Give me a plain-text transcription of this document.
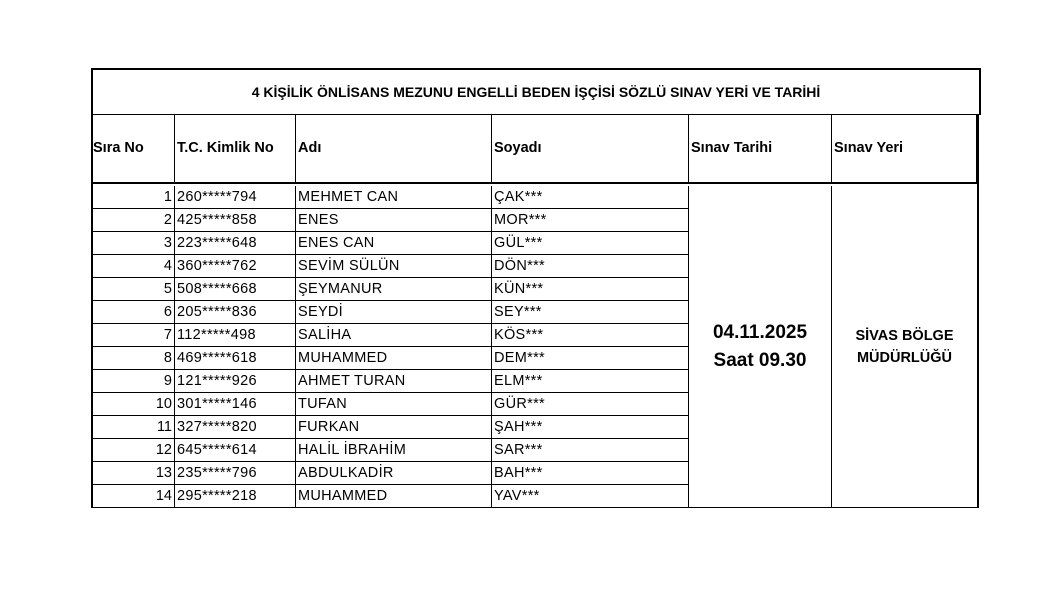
4 KİŞİLİK ÖNLİSANS MEZUNU ENGELLİ BEDEN İŞÇİSİ SÖZLÜ SINAV YERİ VE TARİHİ
Sıra No	T.C. Kimlik No	Adı	Soyadı	Sınav Tarihi	Sınav Yeri
1 260*****794	MEHMET CAN	ÇAK***
2 425*****858	ENES	MOR***
3 223*****648	ENES CAN	GÜL***
4 360*****762	SEVİM SÜLÜN	DÖN***
5 508*****668	ŞEYMANUR	KÜN***
6 205*****836	SEYDİ	SEY***
7 112*****498	SALİHA	KÖS***
8 469*****618	MUHAMMED	DEM***
9 121*****926	AHMET TURAN	ELM***
10 301*****146	TUFAN	GÜR***
11 327*****820	FURKAN	ŞAH***
12 645*****614	HALİL İBRAHİM	SAR***
13 235*****796	ABDULKADİR	BAH***
14 295*****218	MUHAMMED	YAV***
04.11.2025
Saat 09.30
SİVAS BÖLGE
MÜDÜRLÜĞÜ
